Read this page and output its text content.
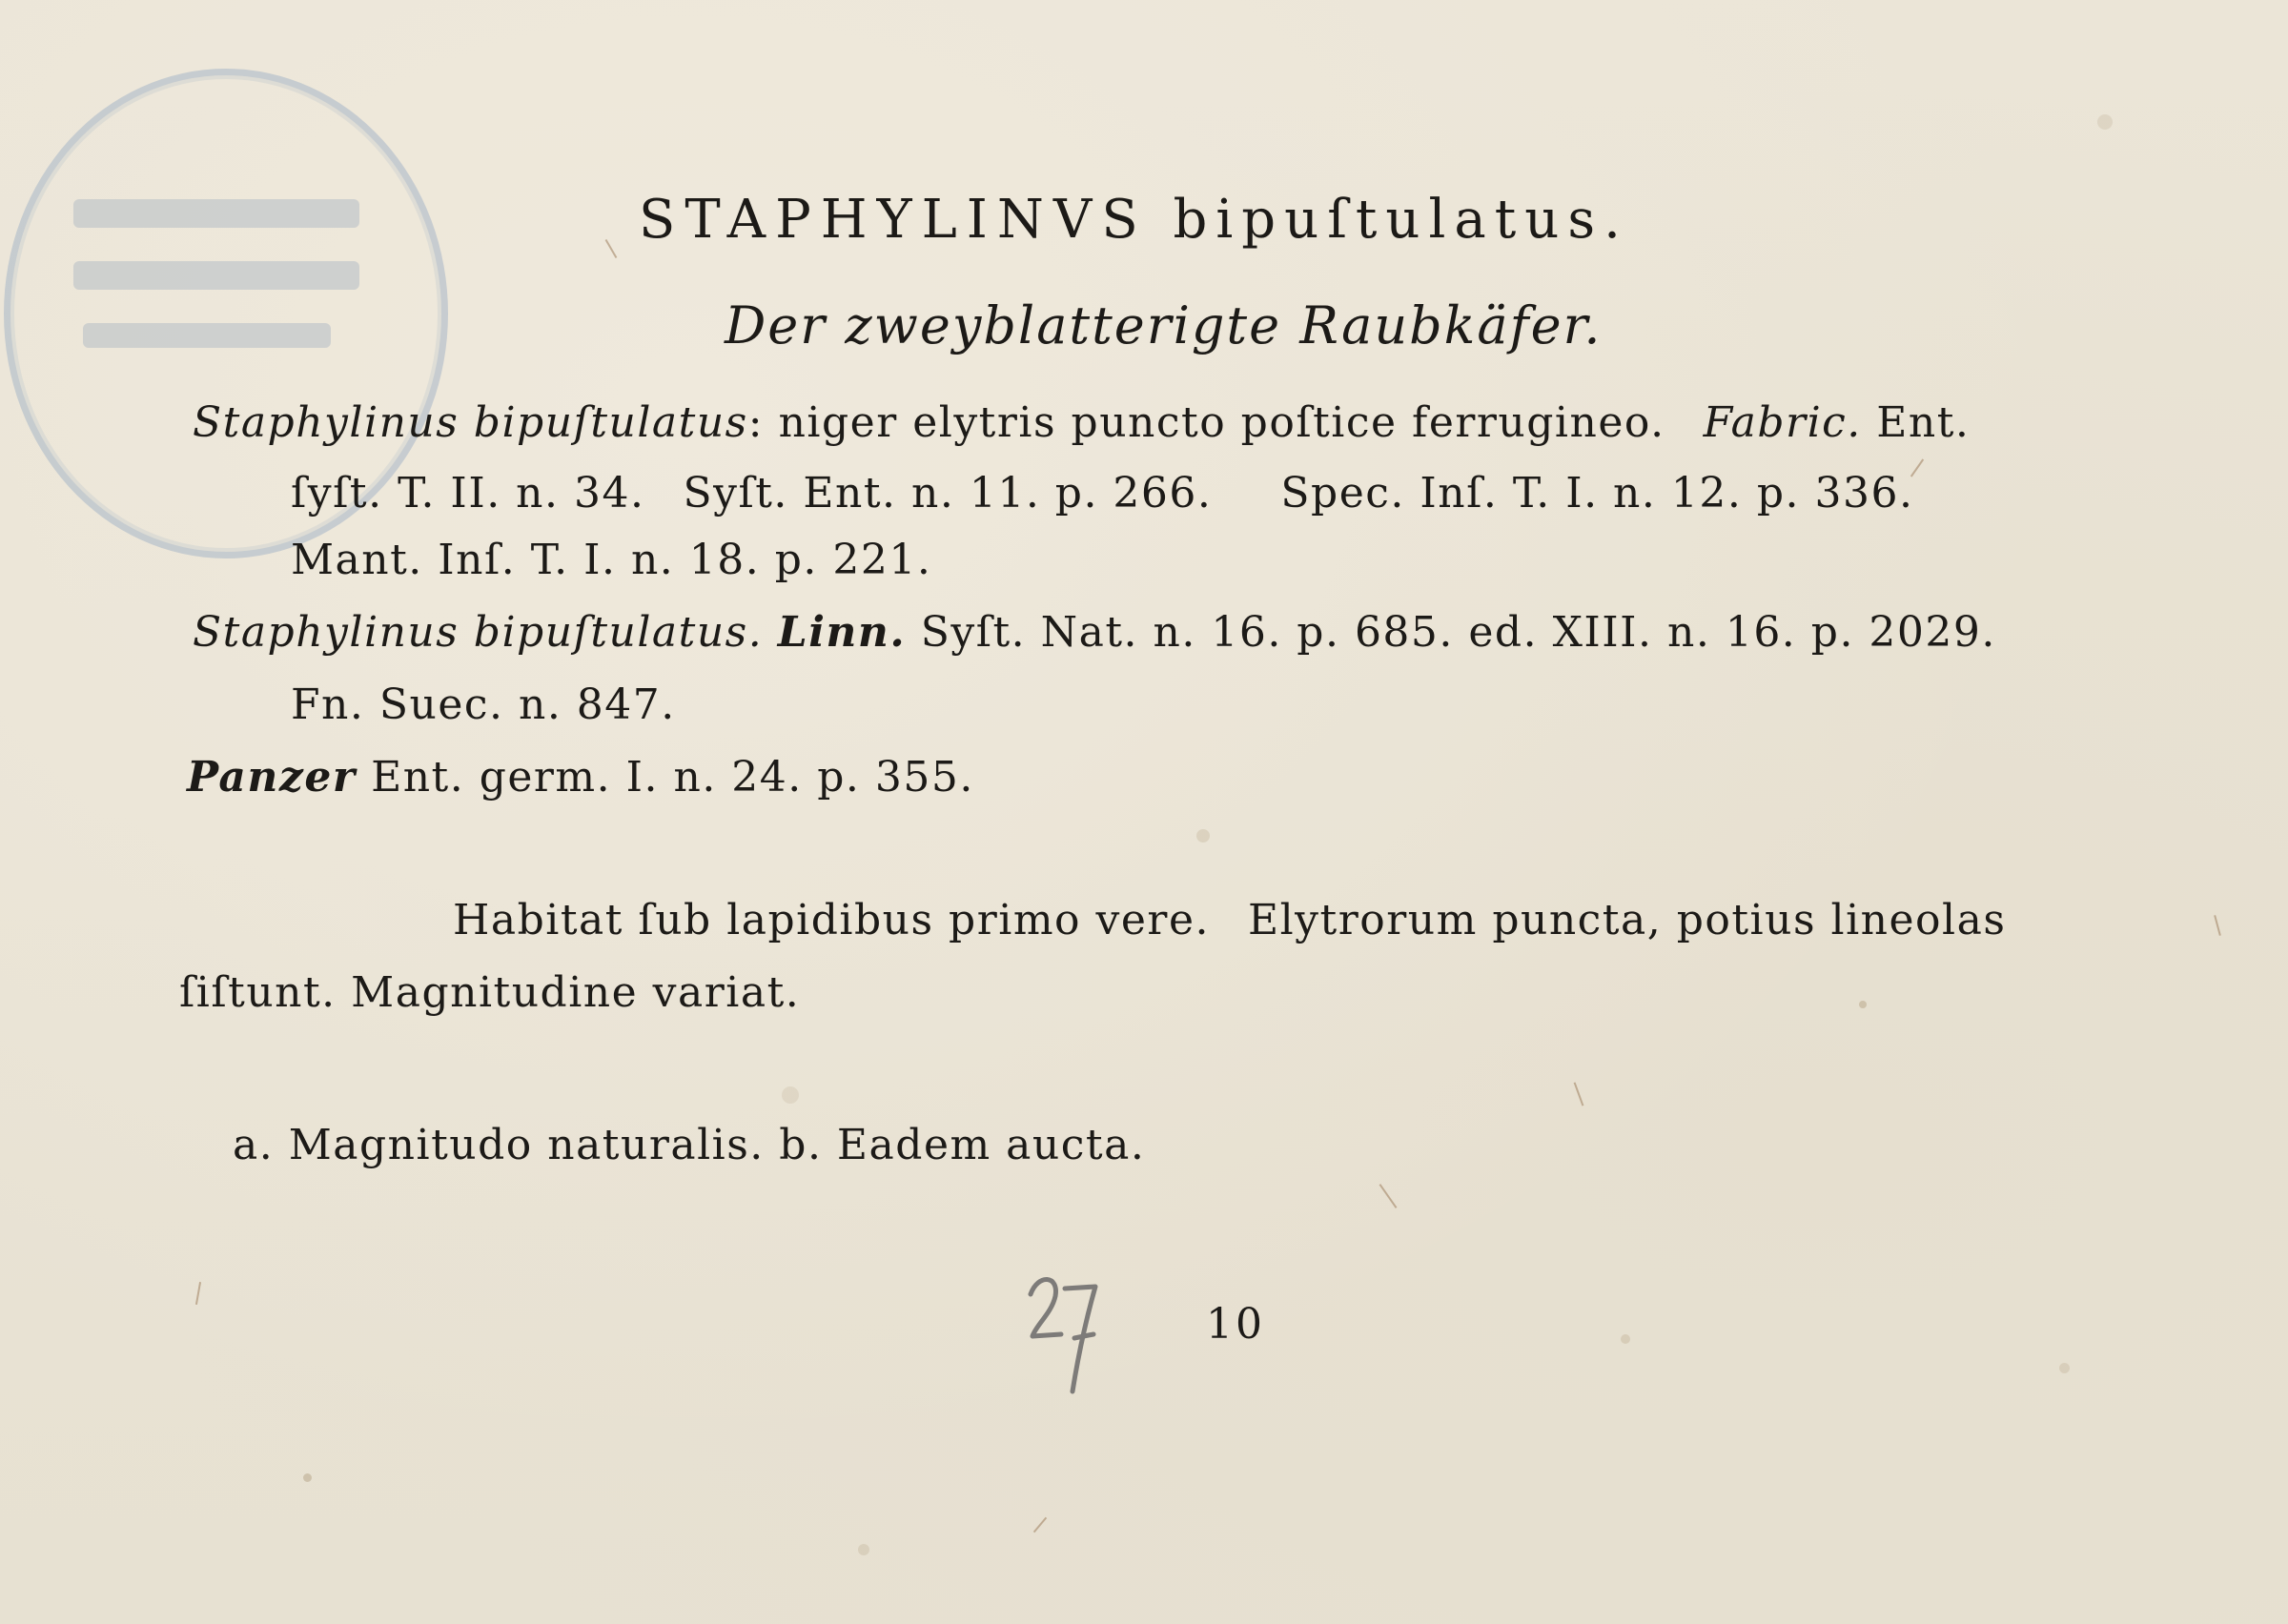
STAPHYLINVS bipuſtulatus.
Der zweyblatterigte Raubkäfer.
Staphylinus bipuſtulatus: niger elytris puncto poſtice ferrugineo. Fabric. Ent.
ſyſt. T. II. n. 34. Syſt. Ent. n. 11. p. 266. Spec. Inſ. T. I. n. 12. p. 336.
Mant. Inſ. T. I. n. 18. p. 221.
Staphylinus bipuſtulatus. Linn. Syſt. Nat. n. 16. p. 685. ed. XIII. n. 16. p. 2029.
Fn. Suec. n. 847.
Panzer Ent. germ. I. n. 24. p. 355.
Habitat ſub lapidibus primo vere. Elytrorum puncta, potius lineolas
ſiſtunt. Magnitudine variat.
a. Magnitudo naturalis. b. Eadem aucta.
10
